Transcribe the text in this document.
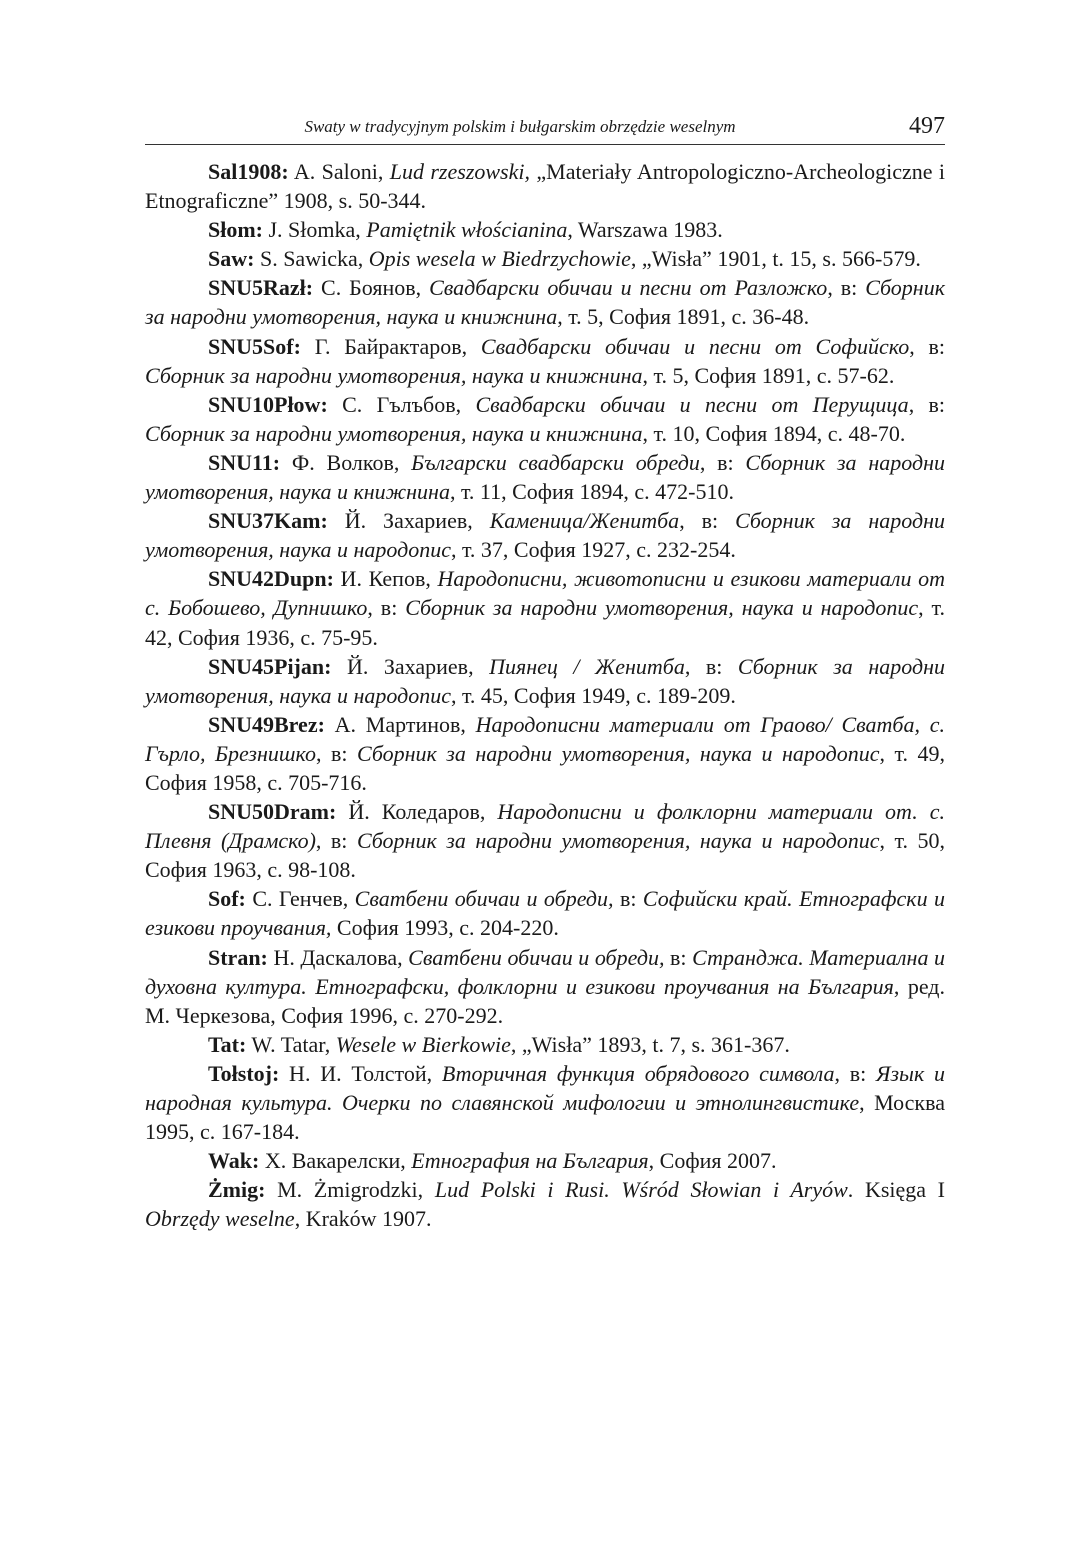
Swaty w tradycyjnym polskim i bułgarskim obrzędzie weselnym	497

Sal1908: A. Saloni, Lud rzeszowski, „Materiały Antropologiczno-Archeologiczne i Etnograficzne” 1908, s. 50-344.

Słom: J. Słomka, Pamiętnik włościanina, Warszawa 1983.

Saw: S. Sawicka, Opis wesela w Biedrzychowie, „Wisła” 1901, t. 15, s. 566-579.

SNU5Razł: С. Боянов, Свадбарски обичаи и песни от Разложко, в: Сборник за народни умотворения, наука и книжнина, т. 5, София 1891, с. 36-48.

SNU5Sof: Г. Байрактаров, Свадбарски обичаи и песни от Софийско, в: Сборник за народни умотворения, наука и книжнина, т. 5, София 1891, с. 57-62.

SNU10Płow: С. Гълъбов, Свадбарски обичаи и песни от Перущица, в: Сборник за народни умотворения, наука и книжнина, т. 10, София 1894, с. 48-70.

SNU11: Ф. Волков, Български свадбарски обреди, в: Сборник за народни умотворения, наука и книжнина, т. 11, София 1894, с. 472-510.

SNU37Kam: Й. Захариев, Каменица/Женитба, в: Сборник за народни умотворения, наука и народопис, т. 37, София 1927, с. 232-254.

SNU42Dupn: И. Кепов, Народописни, животописни и езикови материали от с. Бобошево, Дупнишко, в: Сборник за народни умотворения, наука и народопис, т. 42, София 1936, с. 75-95.

SNU45Pijan: Й. Захариев, Пиянец / Женитба, в: Сборник за народни умотворения, наука и народопис, т. 45, София 1949, с. 189-209.

SNU49Brez: А. Мартинов, Народописни материали от Граово/ Сватба, с. Гърло, Брезнишко, в: Сборник за народни умотворения, наука и народопис, т. 49, София 1958, с. 705-716.

SNU50Dram: Й. Коледаров, Народописни и фолклорни материали от. с. Плевня (Драмско), в: Сборник за народни умотворения, наука и народопис, т. 50, София 1963, с. 98-108.

Sof: С. Генчев, Сватбени обичаи и обреди, в: Софийски край. Етнографски и езикови проучвания, София 1993, с. 204-220.

Stran: Н. Даскалова, Сватбени обичаи и обреди, в: Странджа. Материална и духовна култура. Етнографски, фолклорни и езикови проучвания на България, ред. М. Черкезова, София 1996, с. 270-292.

Tat: W. Tatar, Wesele w Bierkowie, „Wisła” 1893, t. 7, s. 361-367.

Tołstoj: Н. И. Толстой, Вторичная функция обрядового символа, в: Язык и народная культура. Очерки по славянской мифологии и этнолингвистике, Москва 1995, с. 167-184.

Wak: Х. Вакарелски, Етнография на България, София 2007.

Żmig: M. Żmigrodzki, Lud Polski i Rusi. Wśród Słowian i Aryów. Księga I Obrzędy weselne, Kraków 1907.
